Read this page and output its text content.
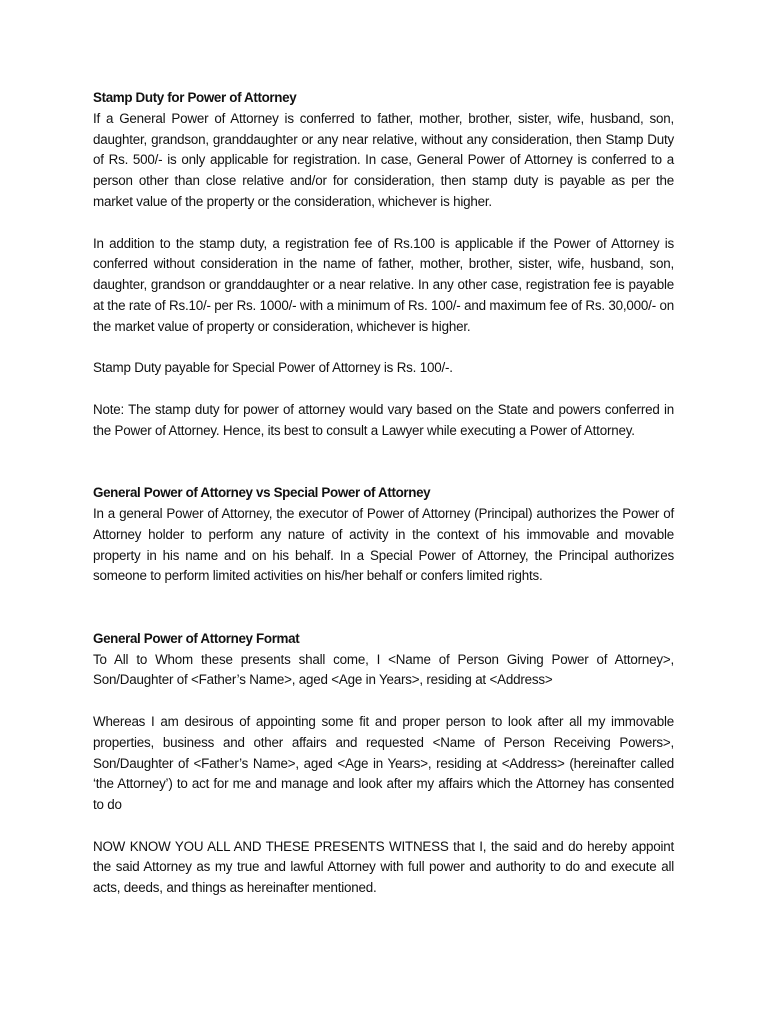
Stamp Duty for Power of Attorney

If a General Power of Attorney is conferred to father, mother, brother, sister, wife, husband, son, daughter, grandson, granddaughter or any near relative, without any consideration, then Stamp Duty of Rs. 500/- is only applicable for registration. In case, General Power of Attorney is conferred to a person other than close relative and/or for consideration, then stamp duty is payable as per the market value of the property or the consideration, whichever is higher.

In addition to the stamp duty, a registration fee of Rs.100 is applicable if the Power of Attorney is conferred without consideration in the name of father, mother, brother, sister, wife, husband, son, daughter, grandson or granddaughter or a near relative. In any other case, registration fee is payable at the rate of Rs.10/- per Rs. 1000/- with a minimum of Rs. 100/- and maximum fee of Rs. 30,000/- on the market value of property or consideration, whichever is higher.

Stamp Duty payable for Special Power of Attorney is Rs. 100/-.

Note: The stamp duty for power of attorney would vary based on the State and powers conferred in the Power of Attorney. Hence, its best to consult a Lawyer while executing a Power of Attorney.

General Power of Attorney vs Special Power of Attorney

In a general Power of Attorney, the executor of Power of Attorney (Principal) authorizes the Power of Attorney holder to perform any nature of activity in the context of his immovable and movable property in his name and on his behalf. In a Special Power of Attorney, the Principal authorizes someone to perform limited activities on his/her behalf or confers limited rights.

General Power of Attorney Format

To All to Whom these presents shall come, I <Name of Person Giving Power of Attorney>, Son/Daughter of <Father’s Name>, aged <Age in Years>, residing at <Address>

Whereas I am desirous of appointing some fit and proper person to look after all my immovable properties, business and other affairs and requested <Name of Person Receiving Powers>, Son/Daughter of <Father’s Name>, aged <Age in Years>, residing at <Address> (hereinafter called ‘the Attorney’) to act for me and manage and look after my affairs which the Attorney has consented to do

NOW KNOW YOU ALL AND THESE PRESENTS WITNESS that I, the said and do hereby appoint the said Attorney as my true and lawful Attorney with full power and authority to do and execute all acts, deeds, and things as hereinafter mentioned.
